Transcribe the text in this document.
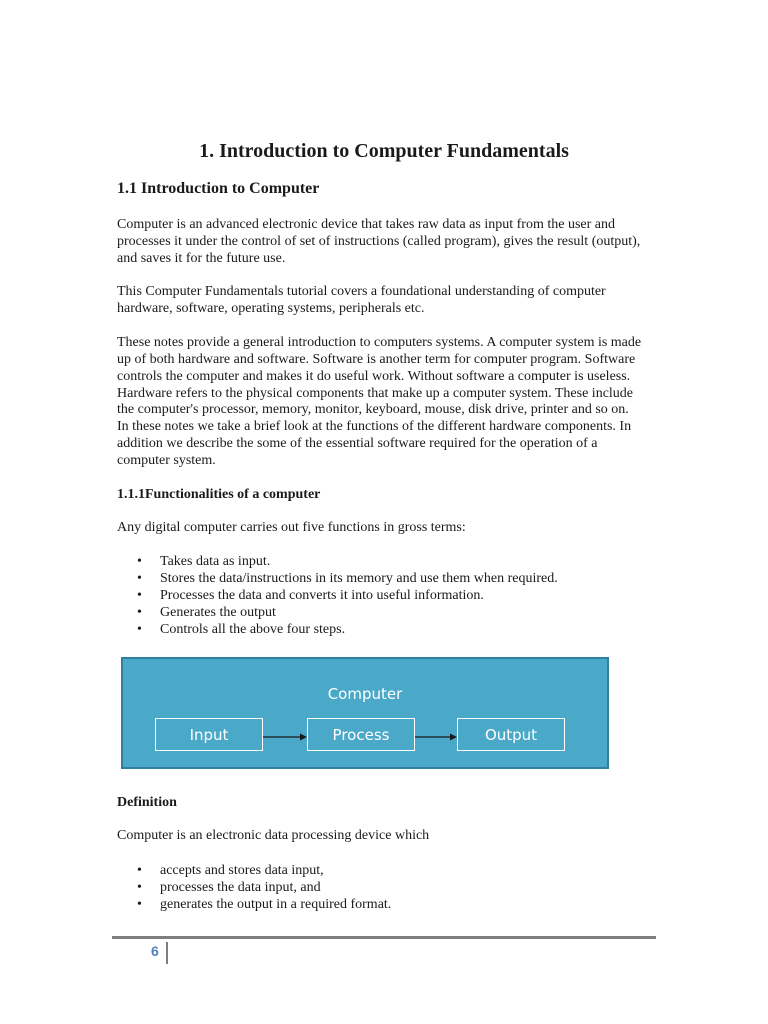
1. Introduction to Computer Fundamentals
1.1 Introduction to Computer

Computer is an advanced electronic device that takes raw data as input from the user and

processes it under the control of set of instructions (called program), gives the result (output),

and saves it for the future use.

This Computer Fundamentals tutorial covers a foundational understanding of computer

hardware, software, operating systems, peripherals etc.

These notes provide a general introduction to computers systems. A computer system is made

up of both hardware and software. Software is another term for computer program. Software

controls the computer and makes it do useful work. Without software a computer is useless.

Hardware refers to the physical components that make up a computer system. These include

the computer's processor, memory, monitor, keyboard, mouse, disk drive, printer and so on.

In these notes we take a brief look at the functions of the different hardware components. In

addition we describe the some of the essential software required for the operation of a

computer system.

1.1.1Functionalities of a computer

Any digital computer carries out five functions in gross terms:

• Takes data as input.
• Stores the data/instructions in its memory and use them when required.
• Processes the data and converts it into useful information.
• Generates the output
• Controls all the above four steps.
Computer
Input	Process	Output

Definition

Computer is an electronic data processing device which

• accepts and stores data input,
• processes the data input, and
• generates the output in a required format.
6
